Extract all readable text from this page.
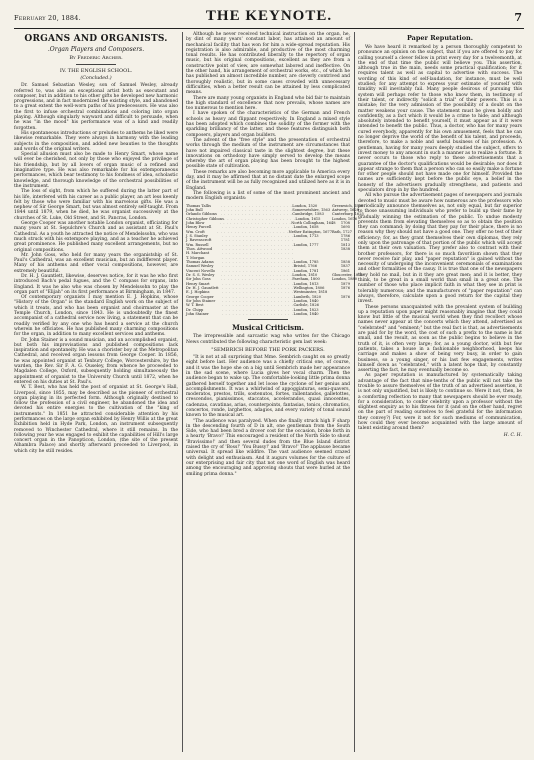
February 20, 1884.	THE KEYNOTE.	7
ORGANS AND ORGANISTS.
.Organ Players and Composers.
By Frederic Archer.
IV. THE ENGLISH SCHOOL.
(Concluded.)

Dr. Samuel Sebastian Wesley, son of Samuel Wesley, already referred to, was also an exceptional artist both as executant and composer, but in addition to his other gifts he developed new harmonic progressions, and in fact modernized the existing style, and abandoned to a great extent the well-worn paths of his predecessors. He was also the first to infuse orchestral combinations and coloring into organ playing. Although singularly wayward and difficult to persuade, when he was "in the mood" his performance was of a kind and readily forgotten.

His spontaneous introductions or preludes to anthems he liked were likewise remarkable. They were always in harmony with the leading subjects in the composition, and added new beauties to the thoughts and words of the original writers.

Special allusion must also be made to Henry Smart, whose name will ever be cherished, not only by those who enjoyed the privilege of his friendship, but by all lovers of organ music of a refined and imaginative type. He was also remarkable for his extemporaneous performances, which bear testimony to his fondness of idea, scholastic knowledge, and thorough knowledge of the orchestral possibilities of the instrument.

The loss of sight, from which he suffered during the latter part of his life, interfered with his career as a public player, an art less keenly felt by those who were familiar with his marvelous gifts. He was a nephew of Sir George Smart, but was almost entirely self-taught. From 1844 until 1879, when he died, he was organist successively at the churches of St. Luke, Old Street, and St. Pancras, London.

George Cooper was another notable London organist, officiating for many years at St. Sepulchre's Church and as assistant at St. Paul's Cathedral. As a youth he attracted the notice of Mendelssohn, who was much struck with his extempore playing, and as a teacher he achieved great prominence. He published many excellent arrangements, but no original compositions.

Mr. John Goss, who held for many years the organistship of St. Paul's Cathedral, was an excellent musician, but an indifferent player. Many of his anthems and other vocal compositions, however, are extremely beautiful.

Dr. H. J. Gauntlett, likewise, deserves notice, for it was he who first introduced Bach's pedal fugues, and the C compass for organs, into England. It was he also who was chosen by Mendelssohn to play the organ part of "Elijah" on its first performance at Birmingham, in 1847.

Of contemporary organists I may mention E. J. Hopkins, whose "History of the Organ" is the standard English work on the subject of which it treats, and who has been organist and choirmaster at the Temple Church, London, since 1843. He is undoubtedly the finest accompanist of a cathedral service now living, a statement that can be readily verified by any one who has heard a service at the church wherein he officiates. He has published many charming compositions for the organ, in addition to many excellent services and anthems.

Dr. John Stainer is a sound musician, and an accomplished organist, but both his improvisations and published compositions lack inspiration and spontaneity. He was a chorister boy at the Metropolitan Cathedral, and received organ lessons from George Cooper. In 1856, he was appointed organist at Tenbury College, Worcestershire, by the warden, the Rev. Sir F. A. G. Ouseley, from whence he proceeded to Magdalen College, Oxford, subsequently holding simultaneously the appointment of organist to the University Church until 1872, when he entered on his duties at St. Paul's.

W. T. Best, who has held the post of organist at St. George's Hall, Liverpool, since 1855, may be described as the pioneer of orchestral organ playing in its perfected form. Although originally destined to follow the profession of a civil engineer, he abandoned the idea and devoted his entire energies to the cultivation of the "king of instruments." In 1851 he attracted considerable attention by his performances on the large organ exhibited by Henry Willis at the great Exhibition held in Hyde Park, London, an instrument subsequently removed to Winchester Cathedral, where it still remains. In the following year he was engaged to exhibit the capabilities of Hill's large concert organ in the Panopticon, London, (the site of the present Alhambra Palace) and shortly afterward proceeded to Liverpool, in which city he still resides.

Although he never received technical instruction on the organ, he, by dint of many years' constant labor, has attained an amount of mechanical facility that has won for him a wide-spread reputation. His registration is also admirable, and productive of the most charming tonal results. He has contributed liberally to the repertory of organ music, but his original compositions, excellent as they are from a constructive point of view, are somewhat labored and ineffective. On the other hand, his arrangement of orchestral works, etc., of which he has published an almost incredible number, are cleverly contrived and thoroughly realistic, but in some cases crowded with unnecessary difficulties, when a better result can be attained by less complicated means.

There are many young organists in England who bid fair to maintain the high standard of excellence that now prevails, whose names are too numerous to mention here.

I have spoken of the characteristics of the German and French schools as heavy and flippant respectively. In England a mixed style has been adopted which combines the solidity of the former with the sparkling brilliancy of the latter, and these features distinguish both composers, players and organ builders.

The advent of the "free style" and the presentation of orchestral works through the medium of the instrument are circumstances that have not impaired classical taste in the slightest degree, but these innovations on orthodoxy have simply served to develop the means whereby the art of organ playing has been brought to the highest possible state of cultivation.

These remarks are also becoming more applicable to America every day, and it may be affirmed that at no distant date the enlarged scope of the instrument will be as fully recognized and utilized here as it is in England.

The following is a list of some of the most prominent ancient and modern English organists:

Thomas Tallis	. . . . . . . . . . . . . . . . . . . . . London, 1520	Greenwich, 1585
John Bull	. . . . . . . . . . . . . . . . . . . . . Somersetshire, 1563 Antwerp, 1628
Orlando Gibbons	. . . . . . . . . . . . . . . . . . . . . Cambridge, 1583	Canterbury, 1625
Christopher Gibbons . . . . . . . . . . . . . . . . . . . . . London, 1615	London, 1676
John Blow	. . . . . . . . . . . . . . . . . . . . . North Collingham, 1648	1708
Henry Purcell	. . . . . . . . . . . . . . . . . . . . . London, 1658	1695
Wm. Croft	. . . . . . . . . . . . . . . . . . . . . Nether Eatington, 1677 Bath, 1727
J. S. Stanley	. . . . . . . . . . . . . . . . . . . . . London, 1713	1786
J. Ravenscroft	. . . . . . . . . . . . . . . . . . . . .	1781
Wm. Russell	. . . . . . . . . . . . . . . . . . . . . London, 1777	1813
Thos. Attwood	. . . . . . . . . . . . . . . . . . . . .	1838
H. Marchant	. . . . . . . . . . . . . . . . . . . . .
T. Morgan	. . . . . . . . . . . . . . . . . . . . .
Thomas Adams	. . . . . . . . . . . . . . . . . . . . . London, 1785	1858
Samuel Wesley	. . . . . . . . . . . . . . . . . . . . . Bristol, 1766	1837
Vincent Novello	. . . . . . . . . . . . . . . . . . . . . London, 1781	1861
Dr. S. S. Wesley	. . . . . . . . . . . . . . . . . . . . . London, 1810	Gloucester, 1876
Sir John Goss	. . . . . . . . . . . . . . . . . . . . . Fareham, 1800	London, 1880
Henry Smart	. . . . . . . . . . . . . . . . . . . . . London, 1813	1879
Dr. H. J. Gauntlett . . . . . . . . . . . . . . . . . . . . . Wellington, 1806	1876
E. J. Hopkins	. . . . . . . . . . . . . . . . . . . . . Westminster, 1818
George Cooper	. . . . . . . . . . . . . . . . . . . . . Lambeth, 1820	1876
Sir John Stainer	. . . . . . . . . . . . . . . . . . . . . London, 1840
W. T. Best	. . . . . . . . . . . . . . . . . . . . . Carlisle, 1826
Dr. Chipp	. . . . . . . . . . . . . . . . . . . . . London, 1823
John Stainer	. . . . . . . . . . . . . . . . . . . . . London, 1840
Musical Criticism.

The irrepressible and sarcastic wag who writes for the Chicago News contributed the following characteristic gem last week:

"SEMBRICH BEFORE THE PORK PACKERS.

"It is not at all surprising that Mme. Sembrich caught on so greatly eight before last. Her audience was a chiefly critical one, of course, and it was the hope she on a big until Sembrich made her appearance in the sad scene, where Lucia gives her vocal charm. Then the audience began to wake up. The comfortable-looking little prima donna gathered herself together and let loose the cyclone of her genius and accomplishments. It was a whirlwind of appoggiaturas, semi-quavers, moderatos, prestos, trills, sostenutos, fortes, rallentandos, galletottes, crescendos, pianissimos, staccatos, accelerandos, quasi innocentes, cadenzas, cavatinas, arias, counterpoints, fantasias, tonics, chromatics, concertos, ronde, larghettos, adagios, and every variety of tonal sound known to the musical art.

"The audience was paralyzed. When she finally struck high F sharp in the descending fourth of D in alt, one gentleman from the South Side, who had been bred a drover cost for the occasion, broke forth in a hearty 'Bravo!' This encouraged a resident of the North Side to shout 'Bravissimo!' and then several dudes from the Blue Island district raised the cry of 'Boss!' 'You Bussy!' and 'Bravo!' The applause became universal. It spread like wildfire. The vast audience seemed crazed with delight and enthusiasm. And it augurs volumes for the culture of our enterprising and fair city that not one word of English was heard among the encouraging and approving shouts that were hurled at the smiling prima donna."

Paper Reputation.

We have heard it remarked by a person thoroughly competent to pronounce an opinion on the subject, that if you are offered to pay for calling yourself a clever fellow in print every day for a twelvemonth, at the end of that time the public will believe you. This assertion, although true in the main, needs some practical qualification; for it requires talent as well as capital to advertise with success. The wording of this kind of self-laudation, for instance, must be well studied; for any attempt to express your estimate of yourself with timidity will inevitably fail. Many people desirous of pursuing this system will perhaps refer to those who know them, in testimony of their talent, or indirectly "solicit a trial" of their powers. This is a mistake; for the very admission of the possibility of a doubt on the matter weakens your cause. The statement must be given boldly and confidently, as a fact which it would be a crime to hide; and although absolutely intended to benefit yourself, it must appear as if it were intended to benefit the public. Thus, a doctor, who has for many years cured everybody, apparently for his own amusement, feels that he can no longer deprive the world of the benefit of his talent, and proceeds, therefore, to make a noble and useful business of his profession. A gentleman, having for many years deeply studied the subject, offers to invest money to any amount in such a manner as to realize a fortune. It never occurs to those who reply to these advertisements that a guarantee of the doctor's qualifications would be desirable; nor does it appear strange to them that a person who can so easily make a fortune for other people should not have made one for himself. Provided the names are sufficiently kept before the public eye, a belief in the honesty of the advertisers gradually strengthens, and patients and speculators drop in by the hundred.

All who pursue the advertisement pages of newspapers and journals devoted to music must be aware how numerous are the professors who periodically announce themselves as, not only equal, but far superior to those unassuming individuals who prefer to build up their fame by gradually winning the estimation of the public. To undue modesty prevents them from elevating themselves so as to obtain the position they can command; by doing that they pay for their place, there is no reason why they should not have a good one. They offer no test of their efficiency; for, as they grant themselves their own diplomas, they rely only upon the patronage of that portion of the public which will accept them at their own valuation. They prefer also to contrast with their brother professors, for there is so much favoritism shown that they never receive fair play, and "paper reputation" is gained without the necessity of undergoing the inconvenient ceremonials of examinations and other formalities of the casuy. It is true that one of the newspapers they hold no mail, but in it they are great men; and it is better, they think, to be great in a small world than small in a great one. The number of those who place implicit faith in what they see in print is tolerably numerous; and the manufacturers of "paper reputation" can always, therefore, calculate upon a good return for the capital they invest.

These persons unacquainted with the prevalent system of building up a reputation upon paper might reasonably imagine that they could know but little of the musical world when they find recollect whose names never appear at the concerts which they attend, advertised as "celebrated" and "eminent;" but the real fact is that, as advertisements are paid for by the word, the cost of such a prefix to the name is but small, and the result, as soon as the public begins to believe in the truth of it, is often very large; for, as a young doctor, with but few patients, takes a house in a fashionable neighborhood, keeps his carriage and makes a show of being very busy, in order to gain business, so a young singer, or his last few engagements, writes himself down as "celebrated," with a latent hope that, by constantly asserting the fact, he may eventually become so.

As paper reputation is manufactured by systematically taking advantage of the fact that nine-tenths of the public will not take the trouble to assure themselves of the truth of an advertised assertion, it is not only unjustified, but is likely to continue so. Were it not, then, be a comforting reflection to many that newspapers should be ever ready, for a consideration, to confer celebrity upon a professor without the slightest enquiry as to his fitness for it (and on the other hand, regret on the part of reading ourselves to feel grateful for the information they convey?) For, were it not for such mediums of communication, how could they ever become acquainted with the large amount of talent existing around them?

H. C. H.
